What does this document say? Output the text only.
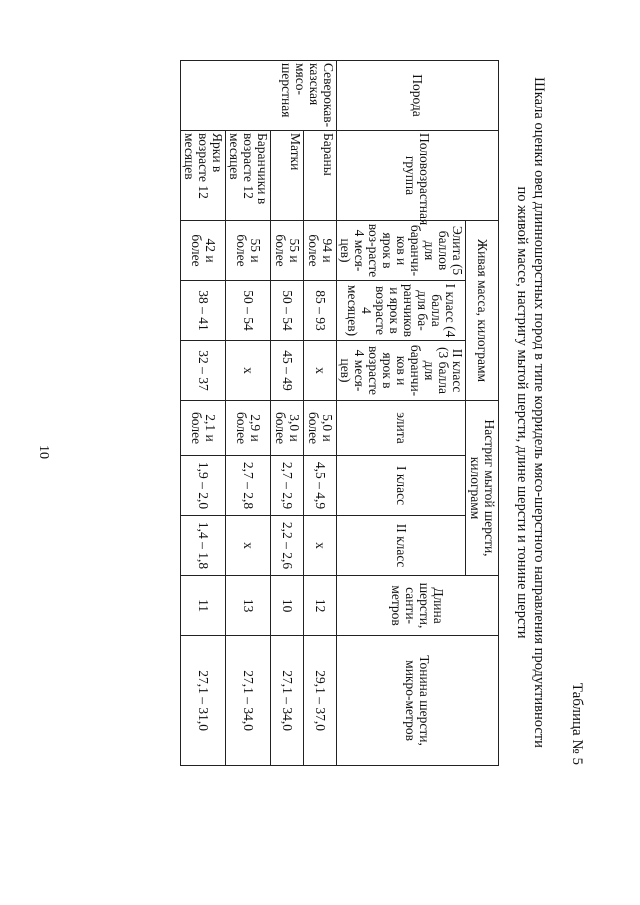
10
Таблица № 5
Шкала оценки овец длинношерстных пород в типе корридель мясо-шерстного направления продуктивности
по живой массе, настригу мытой шерсти, длине шерсти и тонине шерсти
Порода	Половозрастная группа	Живая масса, килограмм			Настриг мытой шерсти, килограмм			Длина шерсти, санти-метров	Тонина шерсти, микро-метров
		Элита (5 баллов для баранчи-ков и ярок в воз-расте 4 меся-цев)	I класс (4 балла для ба-ранчиков и ярок в возрасте 4 месяцев)	II класс (3 балла для баранчи-ков и ярок в возрасте 4 меся-цев)	элита	I класс	II класс		
Северокав-казская мясо-шерстная	Бараны	94 и более	85 – 93	х	5,0 и более	4,5 – 4,9	х	12	29,1 – 37,0
	Матки	55 и более	50 – 54	45 – 49	3,0 и более	2,7 – 2,9	2,2 – 2,6	10	27,1 – 34,0
	Баранчики в возрасте 12 месяцев	55 и более	50 – 54	х	2,9 и более	2,7 – 2,8	х	13	27,1 – 34,0
	Ярки в возрасте 12 месяцев	42 и более	38 – 41	32 – 37	2,1 и более	1,9 – 2,0	1,4 – 1,8	11	27,1 – 31,0
